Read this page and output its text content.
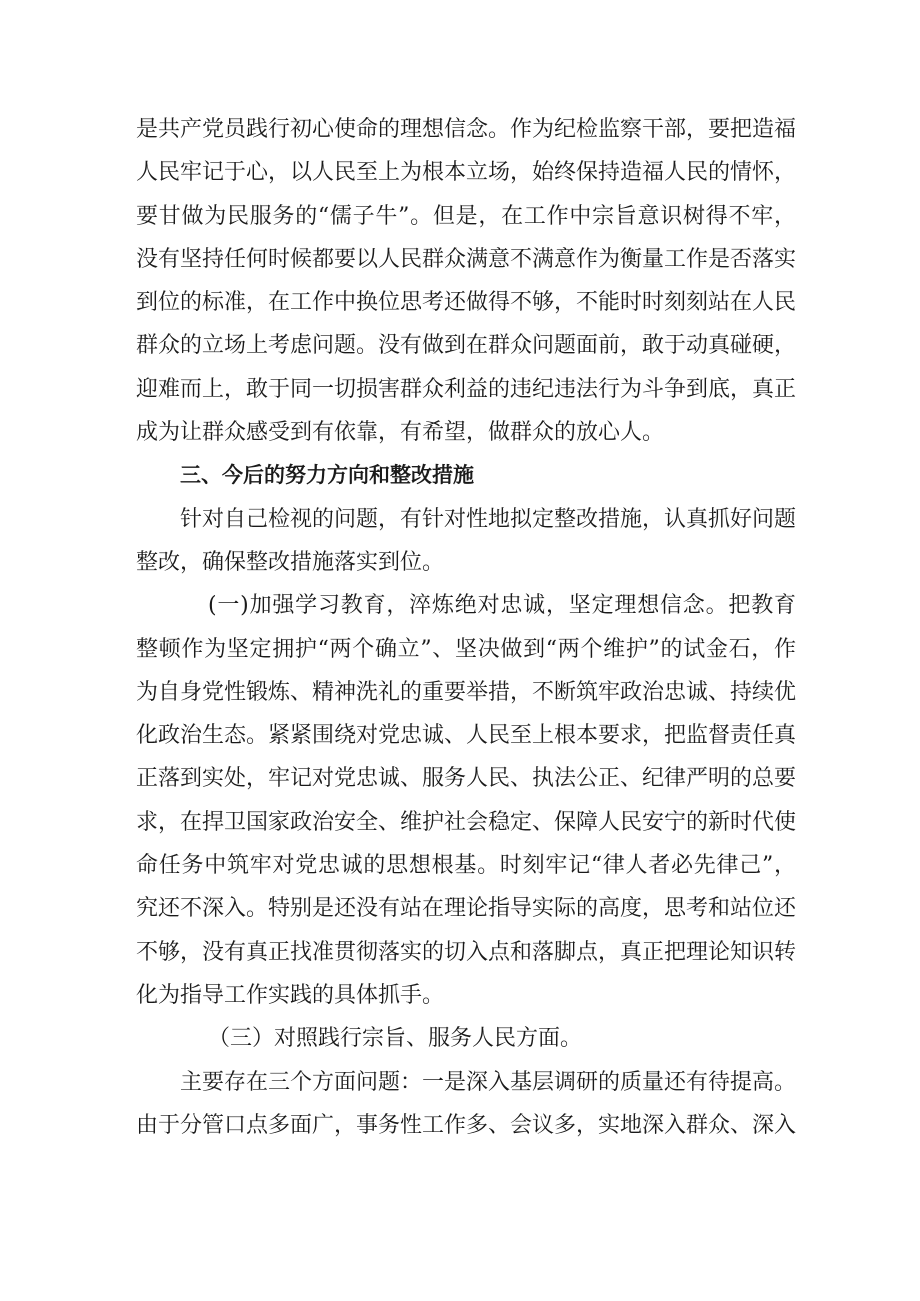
是共产党员践行初心使命的理想信念。作为纪检监察干部，要把造福人民牢记于心，以人民至上为根本立场，始终保持造福人民的情怀，要甘做为民服务的“儒子牛”。但是，在工作中宗旨意识树得不牢，没有坚持任何时候都要以人民群众满意不满意作为衡量工作是否落实到位的标准，在工作中换位思考还做得不够，不能时时刻刻站在人民群众的立场上考虑问题。没有做到在群众问题面前，敢于动真碰硬，迎难而上，敢于同一切损害群众利益的违纪违法行为斗争到底，真正成为让群众感受到有依靠，有希望，做群众的放心人。

三、今后的努力方向和整改措施

针对自己检视的问题，有针对性地拟定整改措施，认真抓好问题整改，确保整改措施落实到位。

(一)加强学习教育，淬炼绝对忠诚，坚定理想信念。把教育整顿作为坚定拥护“两个确立”、坚决做到“两个维护”的试金石，作为自身党性锻炼、精神洗礼的重要举措，不断筑牢政治忠诚、持续优化政治生态。紧紧围绕对党忠诚、人民至上根本要求，把监督责任真正落到实处，牢记对党忠诚、服务人民、执法公正、纪律严明的总要求，在捍卫国家政治安全、维护社会稳定、保障人民安宁的新时代使命任务中筑牢对党忠诚的思想根基。时刻牢记“律人者必先律己”，究还不深入。特别是还没有站在理论指导实际的高度，思考和站位还不够，没有真正找准贯彻落实的切入点和落脚点，真正把理论知识转化为指导工作实践的具体抓手。

（三）对照践行宗旨、服务人民方面。

主要存在三个方面问题：一是深入基层调研的质量还有待提高。由于分管口点多面广，事务性工作多、会议多，实地深入群众、深入
